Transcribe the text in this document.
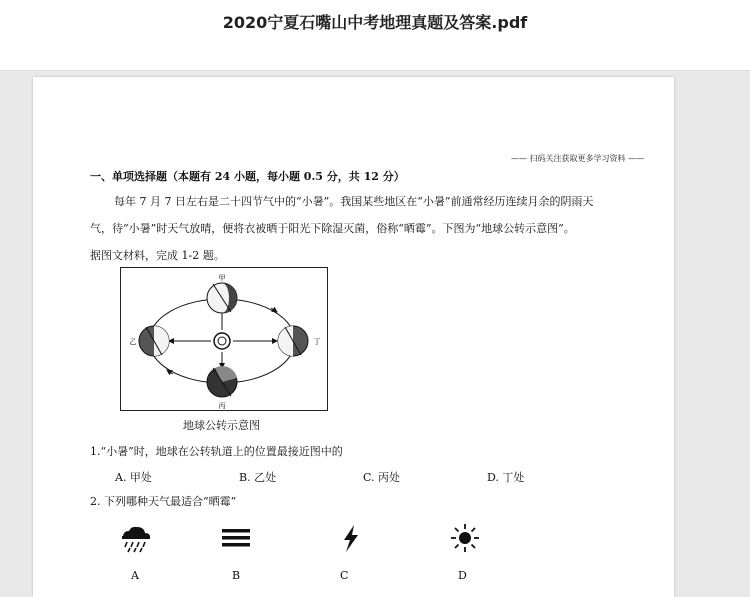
2020宁夏石嘴山中考地理真题及答案.pdf
—— 扫码关注获取更多学习资料 ——
一、单项选择题（本题有 24 小题，每小题 0.5 分，共 12 分）
每年 7 月 7 日左右是二十四节气中的“小暑”。我国某些地区在“小暑”前通常经历连续月余的阴雨天
气，待“小暑”时天气放晴，便将衣被晒于阳光下除湿灭菌，俗称“晒霉”。下图为“地球公转示意图”。
据图文材料，完成 1-2 题。
甲
丙
乙	丁
地球公转示意图
1.“小暑”时，地球在公转轨道上的位置最接近图中的
A. 甲处	B. 乙处	C. 丙处	D. 丁处
2. 下列哪种天气最适合“晒霉”
A	B	C	D
